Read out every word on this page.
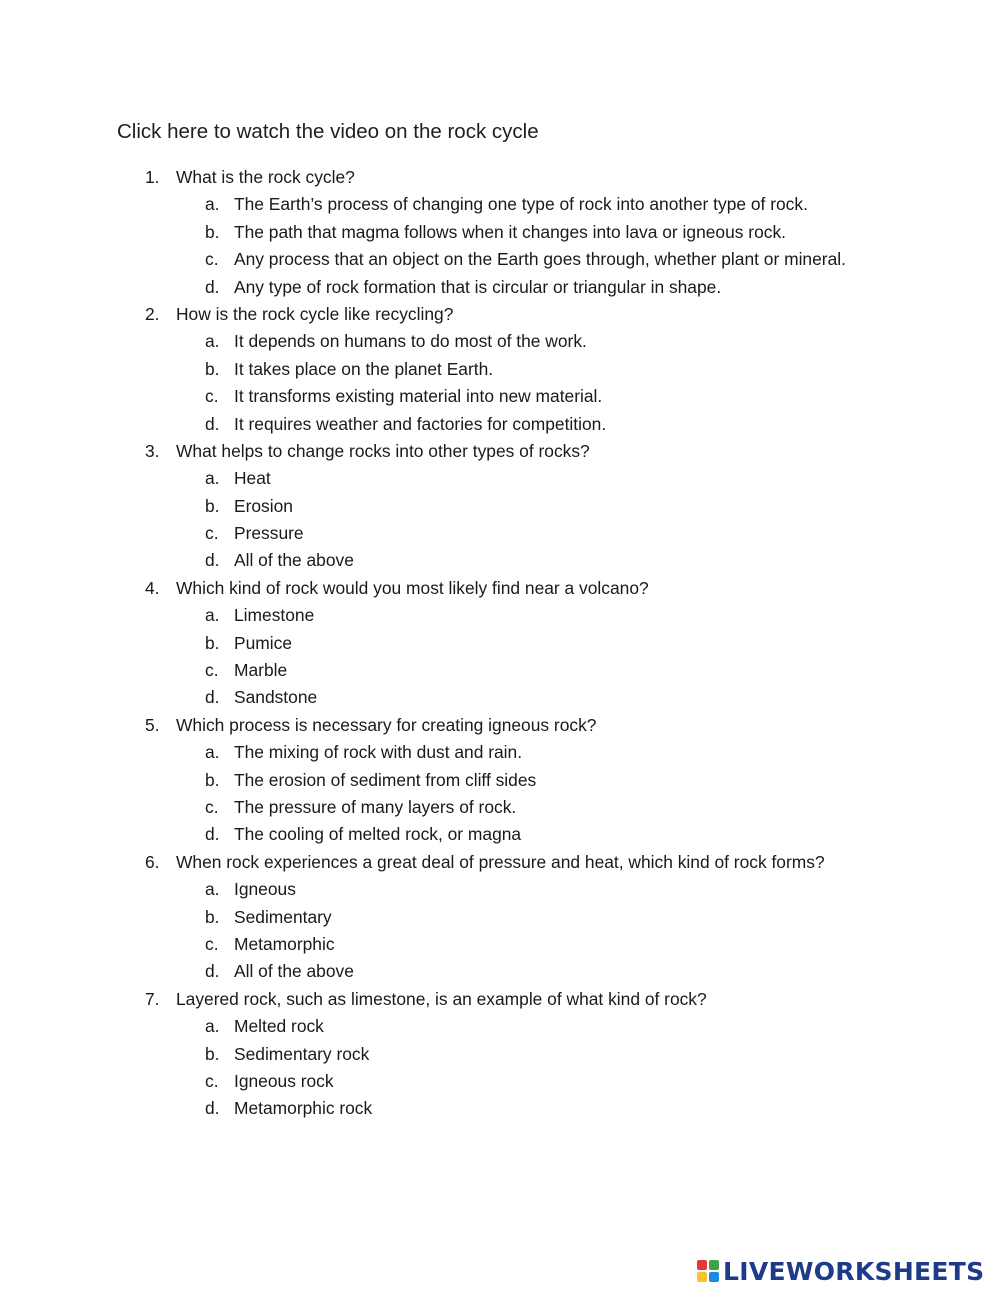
Click here to watch the video on the rock cycle
1. What is the rock cycle?
a. The Earth’s process of changing one type of rock into another type of rock.
b. The path that magma follows when it changes into lava or igneous rock.
c. Any process that an object on the Earth goes through, whether plant or mineral.
d. Any type of rock formation that is circular or triangular in shape.
2. How is the rock cycle like recycling?
a. It depends on humans to do most of the work.
b. It takes place on the planet Earth.
c. It transforms existing material into new material.
d. It requires weather and factories for competition.
3. What helps to change rocks into other types of rocks?
a. Heat
b. Erosion
c. Pressure
d. All of the above
4. Which kind of rock would you most likely find near a volcano?
a. Limestone
b. Pumice
c. Marble
d. Sandstone
5. Which process is necessary for creating igneous rock?
a. The mixing of rock with dust and rain.
b. The erosion of sediment from cliff sides
c. The pressure of many layers of rock.
d. The cooling of melted rock, or magna
6. When rock experiences a great deal of pressure and heat, which kind of rock forms?
a. Igneous
b. Sedimentary
c. Metamorphic
d. All of the above
7. Layered rock, such as limestone, is an example of what kind of rock?
a. Melted rock
b. Sedimentary rock
c. Igneous rock
d. Metamorphic rock
LIVEWORKSHEETS
